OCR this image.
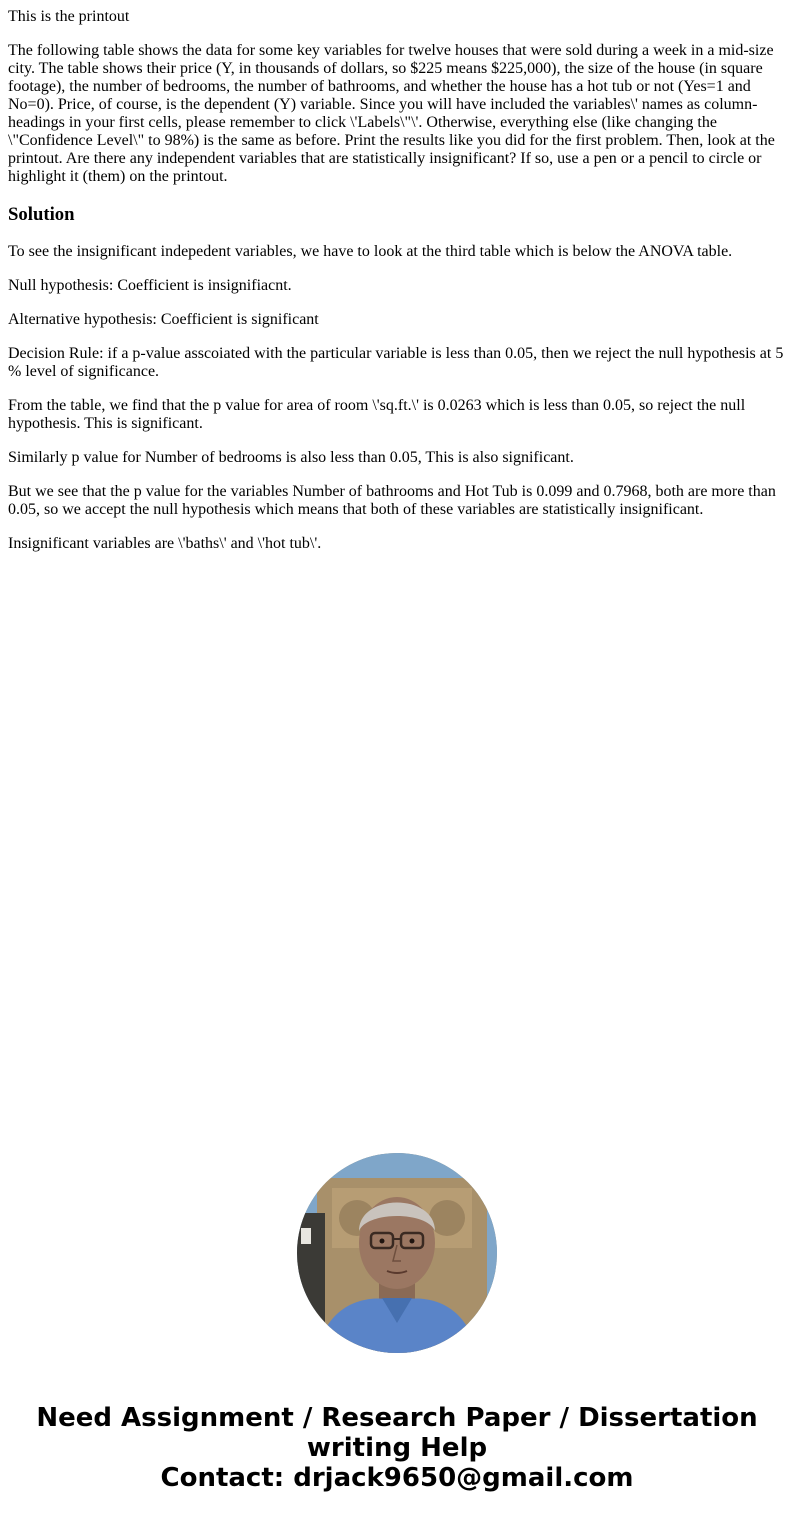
This is the printout

The following table shows the data for some key variables for twelve houses that were sold during a week in a mid-size city. The table shows their price (Y, in thousands of dollars, so $225 means $225,000), the size of the house (in square footage), the number of bedrooms, the number of bathrooms, and whether the house has a hot tub or not (Yes=1 and No=0). Price, of course, is the dependent (Y) variable. Since you will have included the variables\' names as column-headings in your first cells, please remember to click \'Labels\"\'. Otherwise, everything else (like changing the \"Confidence Level\" to 98%) is the same as before. Print the results like you did for the first problem. Then, look at the printout. Are there any independent variables that are statistically insignificant? If so, use a pen or a pencil to circle or highlight it (them) on the printout.

Solution

To see the insignificant indepedent variables, we have to look at the third table which is below the ANOVA table.

Null hypothesis: Coefficient is insignifiacnt.

Alternative hypothesis: Coefficient is significant

Decision Rule: if a p-value asscoiated with the particular variable is less than 0.05, then we reject the null hypothesis at 5 % level of significance.

From the table, we find that the p value for area of room \'sq.ft.\' is 0.0263 which is less than 0.05, so reject the null hypothesis. This is significant.

Similarly p value for Number of bedrooms is also less than 0.05, This is also significant.

But we see that the p value for the variables Number of bathrooms and Hot Tub is 0.099 and 0.7968, both are more than 0.05, so we accept the null hypothesis which means that both of these variables are statistically insignificant.

Insignificant variables are \'baths\' and \'hot tub\'.

Need Assignment / Research Paper / Dissertation
writing Help
Contact: drjack9650@gmail.com
